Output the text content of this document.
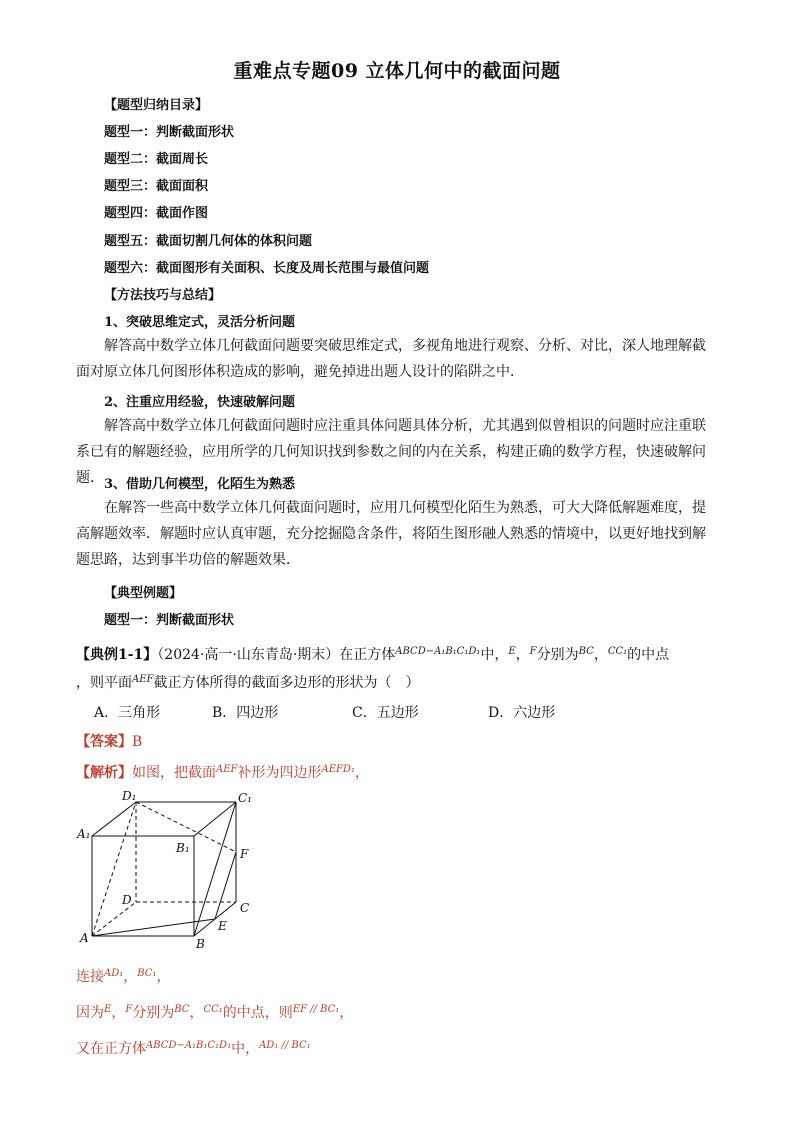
重难点专题09 立体几何中的截面问题
【题型归纳目录】
题型一：判断截面形状
题型二：截面周长
题型三：截面面积
题型四：截面作图
题型五：截面切割几何体的体积问题
题型六：截面图形有关面积、长度及周长范围与最值问题
【方法技巧与总结】
1、突破思维定式，灵活分析问题
解答高中数学立体几何截面问题要突破思维定式，多视角地进行观察、分析、对比，深人地理解截面对原立体几何图形体积造成的影响，避免掉进出题人设计的陷阱之中．
2、注重应用经验，快速破解问题
解答高中数学立体几何截面问题时应注重具体问题具体分析，尤其遇到似曾相识的问题时应注重联系已有的解题经验，应用所学的几何知识找到参数之间的内在关系，构建正确的数学方程，快速破解问题． 3、借助几何模型，化陌生为熟悉
在解答一些高中数学立体几何截面问题时，应用几何模型化陌生为熟悉，可大大降低解题难度，提高解题效率．解题时应认真审题，充分挖掘隐含条件，将陌生图形融人熟悉的情境中，以更好地找到解题思路，达到事半功倍的解题效果．
【典型例题】
题型一：判断截面形状
【典例1-1】（2024·高一·山东青岛·期末）在正方体$^{ABCD-A_1B_1C_1D_1}$中，$^E$，$^F$分别为$^{BC}$，$^{CC_1}$的中点
，则平面$^{AEF}$截正方体所得的截面多边形的形状为（　）
A．三角形	B．四边形	C．五边形	D．六边形
【答案】B
【解析】如图，把截面$^{AEF}$补形为四边形$^{AEFD_1}$，
D₁	C₁
A₁
B₁	F
D
C
E
A	B
连接$^{AD_1}$，$^{BC_1}$，
因为$^E$，$^F$分别为$^{BC}$，$^{CC_1}$的中点，则$^{EF // BC_1}$，
又在正方体$^{ABCD-A_1B_1C_1D_1}$中，$^{AD_1 // BC_1}$
